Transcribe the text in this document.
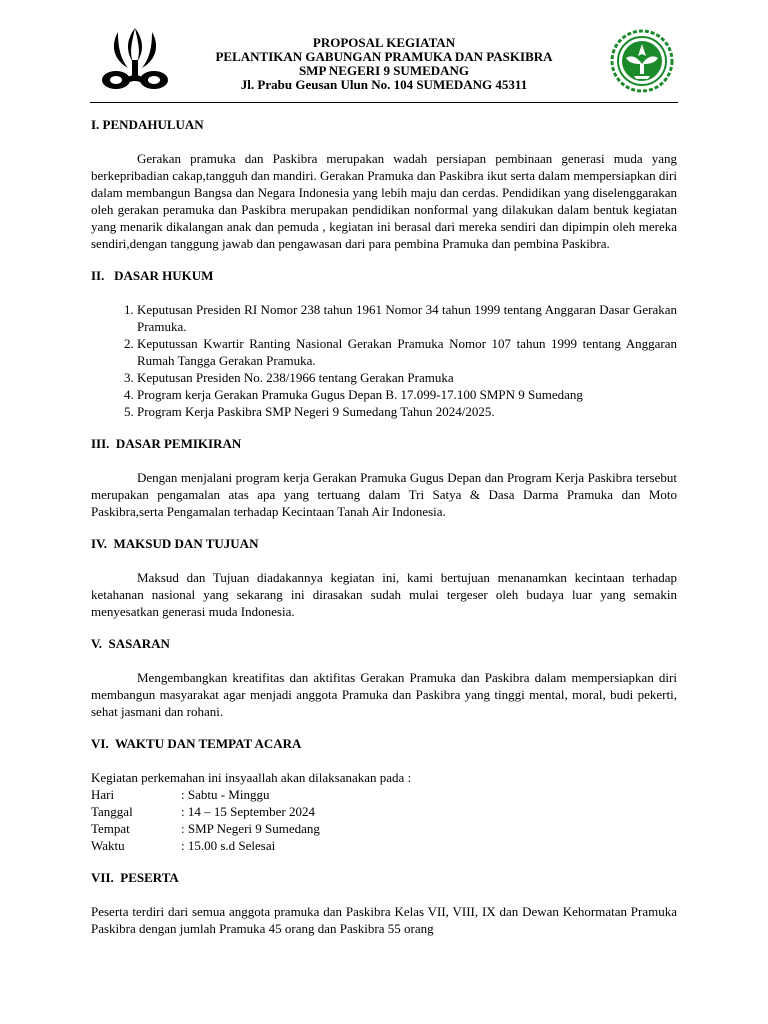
PROPOSAL KEGIATAN
PELANTIKAN GABUNGAN PRAMUKA DAN PASKIBRA
SMP NEGERI 9 SUMEDANG
Jl. Prabu Geusan Ulun No. 104 SUMEDANG 45311
I. PENDAHULUAN

Gerakan pramuka dan Paskibra merupakan wadah persiapan pembinaan generasi muda yang berkepribadian cakap,tangguh dan mandiri. Gerakan Pramuka dan Paskibra ikut serta dalam mempersiapkan diri dalam membangun Bangsa dan Negara Indonesia yang lebih maju dan cerdas. Pendidikan yang diselenggarakan oleh gerakan peramuka dan Paskibra merupakan pendidikan nonformal yang dilakukan dalam bentuk kegiatan yang menarik dikalangan anak dan pemuda , kegiatan ini berasal dari mereka sendiri dan dipimpin oleh mereka sendiri,dengan tanggung jawab dan pengawasan dari para pembina Pramuka dan pembina Paskibra.

II.   DASAR HUKUM
1. Keputusan Presiden RI Nomor 238 tahun 1961 Nomor 34 tahun 1999 tentang Anggaran Dasar Gerakan Pramuka.
2. Keputussan Kwartir Ranting Nasional Gerakan Pramuka Nomor 107 tahun 1999 tentang Anggaran Rumah Tangga Gerakan Pramuka.
3. Keputusan Presiden No. 238/1966 tentang Gerakan Pramuka
4. Program kerja Gerakan Pramuka Gugus Depan B. 17.099-17.100 SMPN 9 Sumedang
5. Program Kerja Paskibra SMP Negeri 9 Sumedang Tahun 2024/2025.
III.  DASAR PEMIKIRAN

Dengan menjalani program kerja Gerakan Pramuka Gugus Depan dan Program Kerja Paskibra tersebut merupakan pengamalan atas apa yang tertuang dalam Tri Satya & Dasa Darma Pramuka dan Moto Paskibra,serta Pengamalan terhadap Kecintaan Tanah Air Indonesia.

IV.  MAKSUD DAN TUJUAN

Maksud dan Tujuan diadakannya kegiatan ini, kami bertujuan menanamkan kecintaan terhadap ketahanan nasional yang sekarang ini dirasakan sudah mulai tergeser oleh budaya luar yang semakin menyesatkan generasi muda Indonesia.

V.  SASARAN

Mengembangkan kreatifitas dan aktifitas Gerakan Pramuka dan Paskibra dalam mempersiapkan diri membangun masyarakat agar menjadi anggota Pramuka dan Paskibra yang tinggi mental, moral, budi pekerti, sehat jasmani dan rohani.

VI.  WAKTU DAN TEMPAT ACARA

Kegiatan perkemahan ini insyaallah akan dilaksanakan pada :

Hari	: Sabtu - Minggu
Tanggal	: 14 – 15 September 2024
Tempat	: SMP Negeri 9 Sumedang
Waktu	: 15.00 s.d Selesai
VII.  PESERTA

Peserta terdiri dari semua anggota pramuka dan Paskibra Kelas VII, VIII, IX dan Dewan Kehormatan Pramuka Paskibra dengan jumlah Pramuka 45 orang dan Paskibra 55 orang
